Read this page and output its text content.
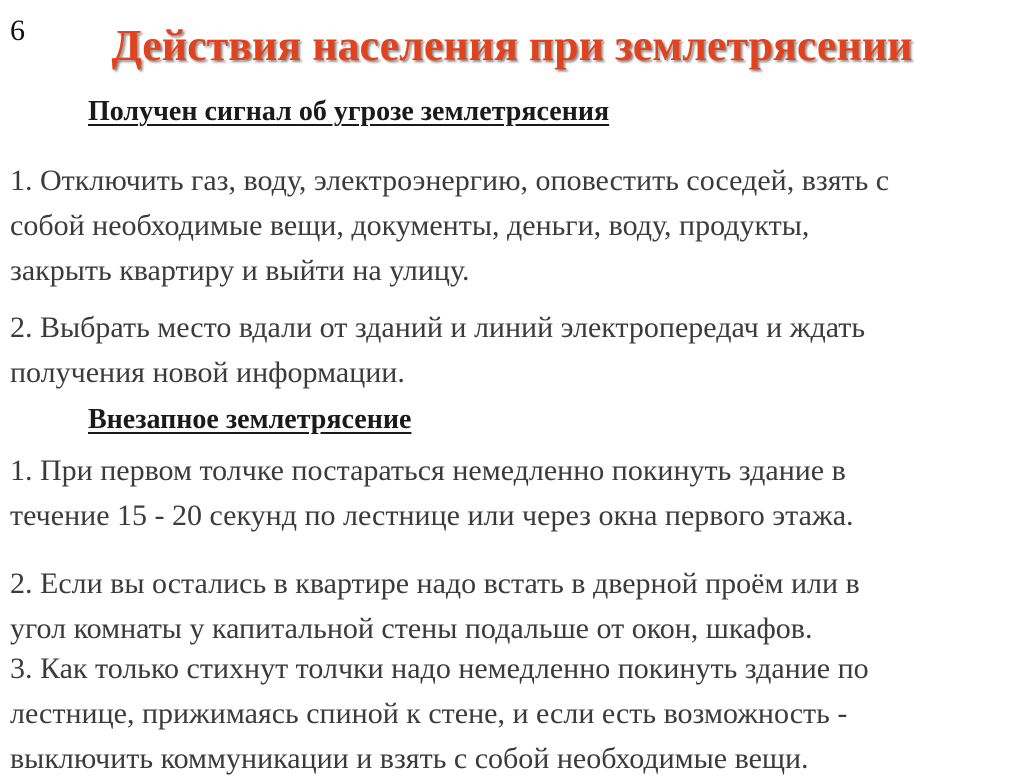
6	Действия населения при землетрясении
Получен сигнал об угрозе землетрясения

1. Отключить газ, воду, электроэнергию, оповестить соседей, взять с
собой необходимые вещи, документы, деньги, воду, продукты,
закрыть квартиру и выйти на улицу.

2. Выбрать место вдали от зданий и линий электропередач и ждать
получения новой информации.

Внезапное землетрясение

1. При первом толчке постараться немедленно покинуть здание в
течение 15 - 20 секунд по лестнице или через окна первого этажа.

2. Если вы остались в квартире надо встать в дверной проём или в
угол комнаты у капитальной стены подальше от окон, шкафов.

3. Как только стихнут толчки надо немедленно покинуть здание по
лестнице, прижимаясь спиной к стене, и если есть возможность -
выключить коммуникации и взять с собой необходимые вещи.
